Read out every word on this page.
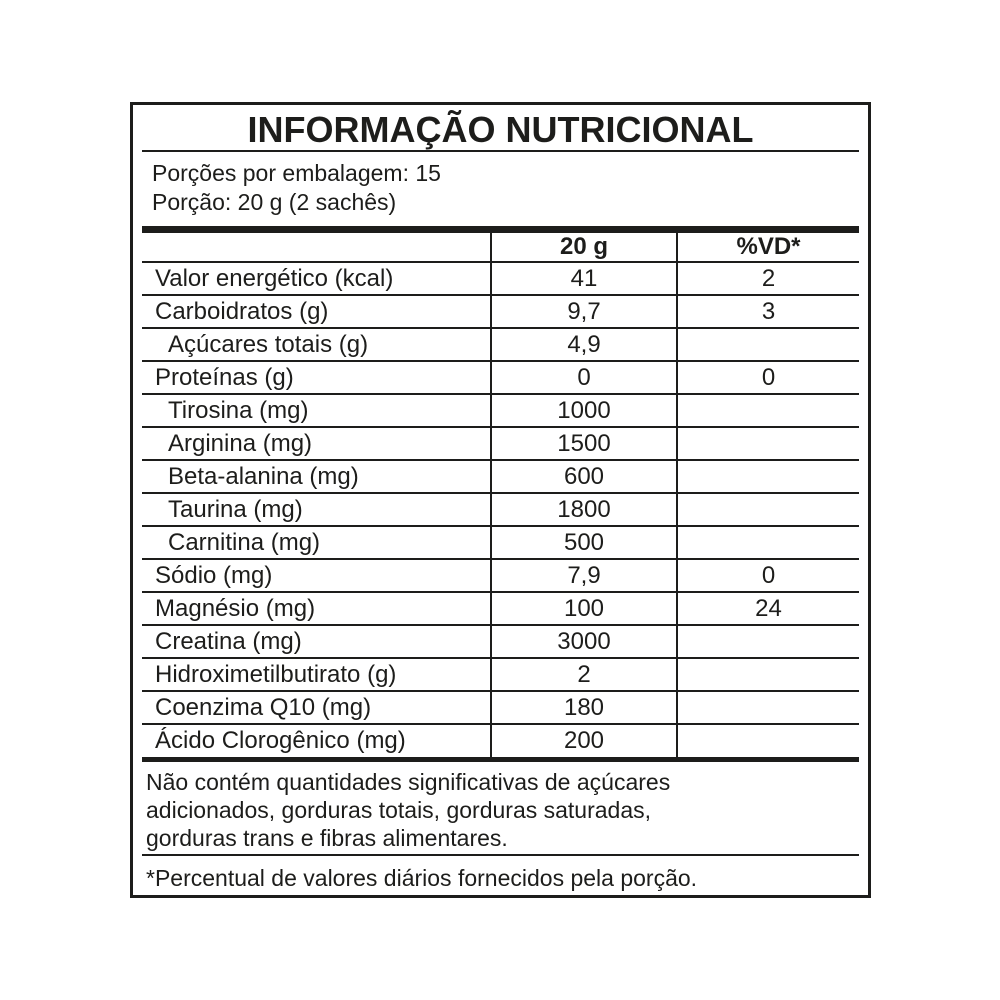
INFORMAÇÃO NUTRICIONAL
Porções por embalagem: 15
Porção: 20 g (2 sachês)
	20 g	%VD*
Valor energético (kcal)	41	2
Carboidratos (g)	9,7	3
Açúcares totais (g)	4,9	
Proteínas (g)	0	0
Tirosina (mg)	1000	
Arginina (mg)	1500	
Beta-alanina (mg)	600	
Taurina (mg)	1800	
Carnitina (mg)	500	
Sódio (mg)	7,9	0
Magnésio (mg)	100	24
Creatina (mg)	3000	
Hidroximetilbutirato (g)	2	
Coenzima Q10 (mg)	180	
Ácido Clorogênico (mg)	200	
Não contém quantidades significativas de açúcares
adicionados, gorduras totais, gorduras saturadas,
gorduras trans e fibras alimentares.
*Percentual de valores diários fornecidos pela porção.
